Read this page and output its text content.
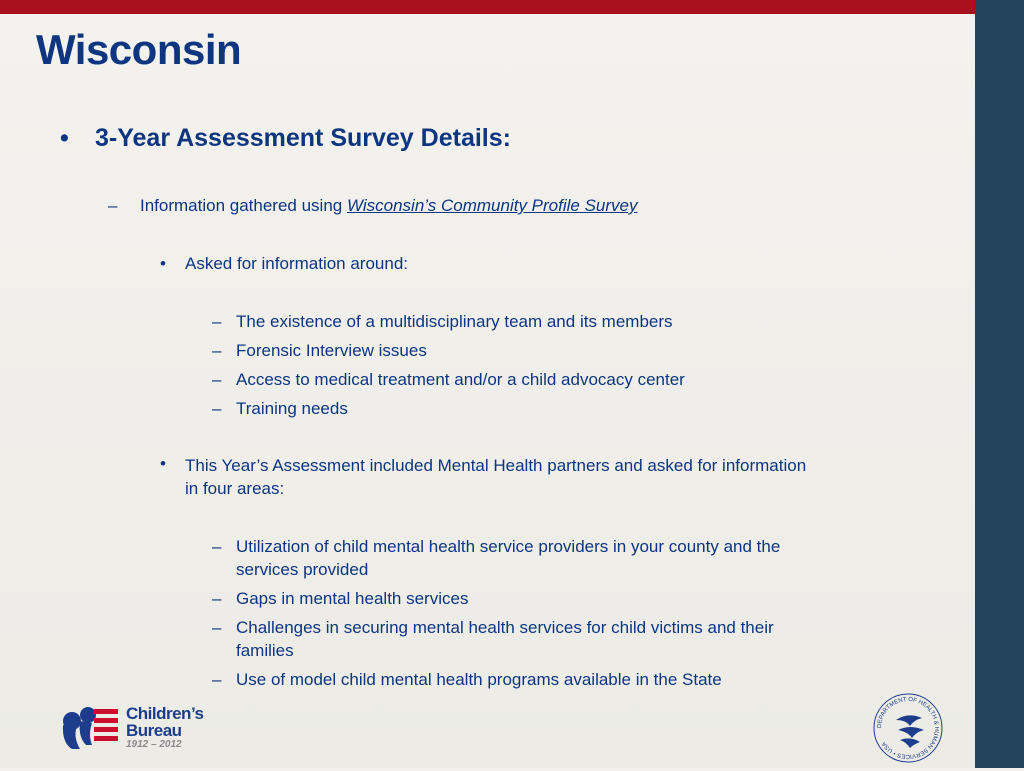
Wisconsin
• 3-Year Assessment Survey Details:
– Information gathered using Wisconsin’s Community Profile Survey
• Asked for information around:
– The existence of a multidisciplinary team and its members
– Forensic Interview issues
– Access to medical treatment and/or a child advocacy center
– Training needs
• This Year’s Assessment included Mental Health partners and asked for information
in four areas:
– Utilization of child mental health service providers in your county and the
services provided
– Gaps in mental health services
– Challenges in securing mental health services for child victims and their
families
– Use of model child mental health programs available in the State
Children’s
Bureau
1912 – 2012
DEPARTMENT OF HEALTH & HUMAN SERVICES • USA
